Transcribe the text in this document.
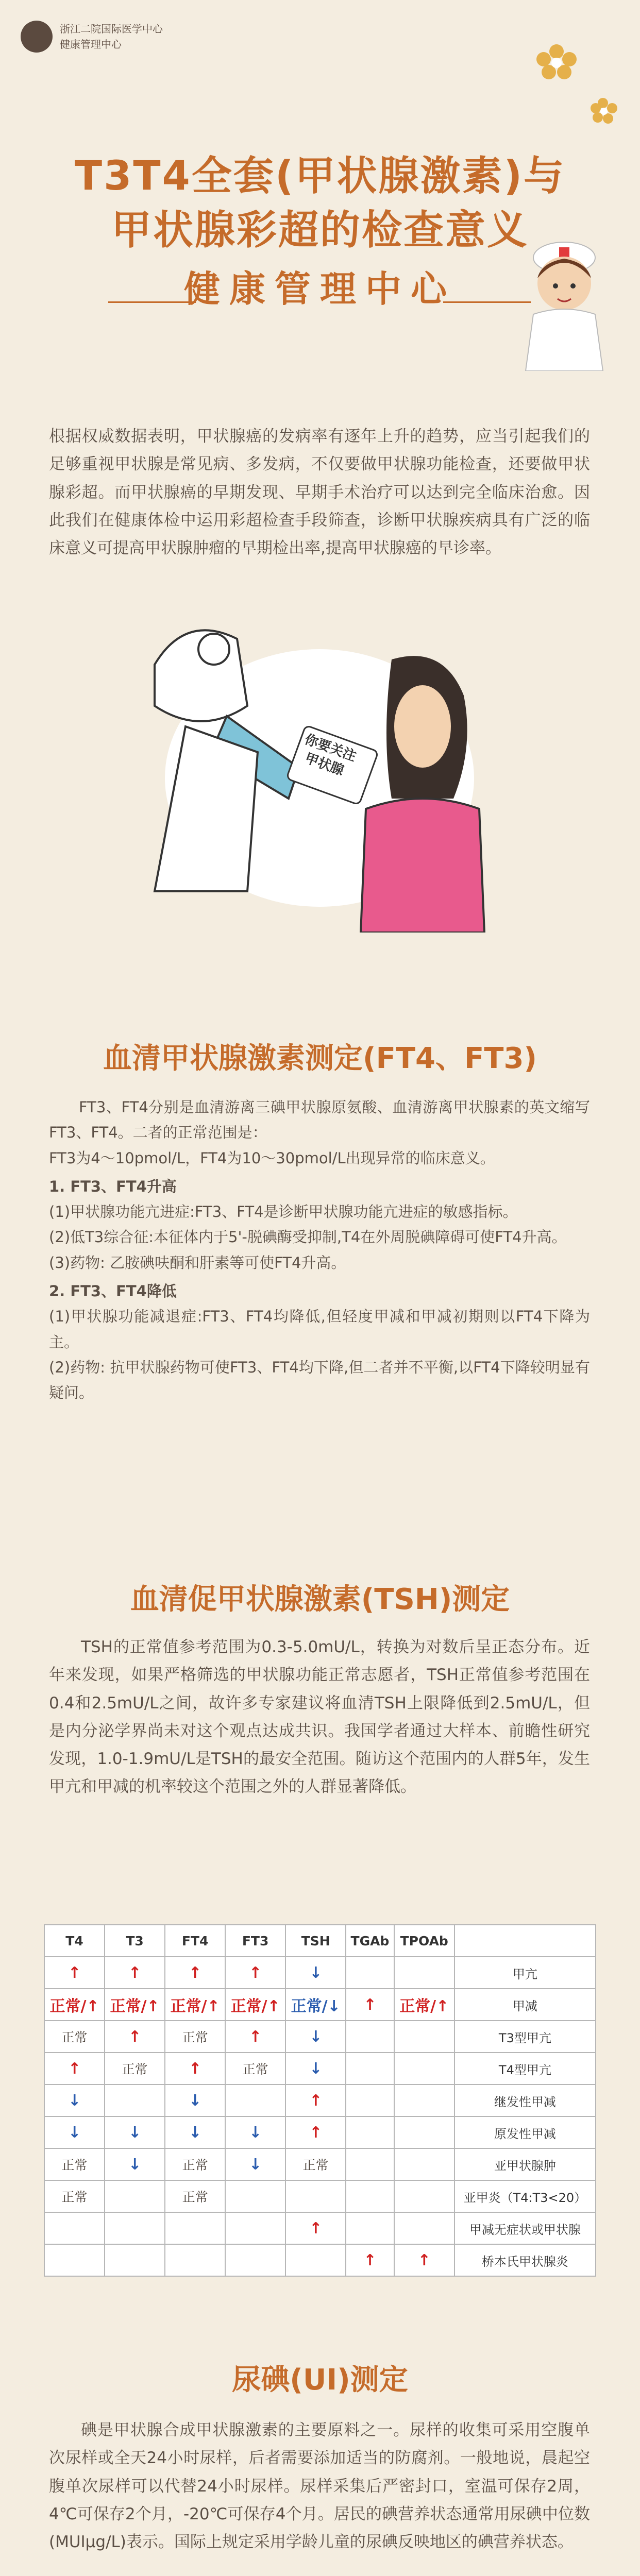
浙江二院国际医学中心
健康管理中心
T3T4全套(甲状腺激素)与
甲状腺彩超的检查意义
健康管理中心
根据权威数据表明，甲状腺癌的发病率有逐年上升的趋势，应当引起我们的足够重视甲状腺是常见病、多发病，不仅要做甲状腺功能检查，还要做甲状腺彩超。而甲状腺癌的早期发现、早期手术治疗可以达到完全临床治愈。因此我们在健康体检中运用彩超检查手段筛查，诊断甲状腺疾病具有广泛的临床意义可提高甲状腺肿瘤的早期检出率,提高甲状腺癌的早诊率。
你要关注甲状腺
血清甲状腺激素测定(FT4、FT3)
FT3、FT4分别是血清游离三碘甲状腺原氨酸、血清游离甲状腺素的英文缩写FT3、FT4。二者的正常范围是：
FT3为4～10pmol/L，FT4为10～30pmol/L出现异常的临床意义。
1. FT3、FT4升高
(1)甲状腺功能亢进症:FT3、FT4是诊断甲状腺功能亢进症的敏感指标。
(2)低T3综合征:本征体内于5'-脱碘酶受抑制,T4在外周脱碘障碍可使FT4升高。
(3)药物: 乙胺碘呋酮和肝素等可使FT4升高。
2. FT3、FT4降低
(1)甲状腺功能减退症:FT3、FT4均降低,但轻度甲减和甲减初期则以FT4下降为主。
(2)药物: 抗甲状腺药物可使FT3、FT4均下降,但二者并不平衡,以FT4下降较明显有疑问。
血清促甲状腺激素(TSH)测定
TSH的正常值参考范围为0.3-5.0mU/L，转换为对数后呈正态分布。近年来发现，如果严格筛选的甲状腺功能正常志愿者，TSH正常值参考范围在0.4和2.5mU/L之间，故许多专家建议将血清TSH上限降低到2.5mU/L，但是内分泌学界尚未对这个观点达成共识。我国学者通过大样本、前瞻性研究发现，1.0-1.9mU/L是TSH的最安全范围。随访这个范围内的人群5年，发生甲亢和甲减的机率较这个范围之外的人群显著降低。
T4	T3	FT4	FT3	TSH	TGAb	TPOAb	
↑	↑	↑	↑	↓			甲亢
正常/↑	正常/↑	正常/↑	正常/↑	正常/↓	↑	正常/↑	甲减
正常	↑	正常	↑	↓			T3型甲亢
↑	正常	↑	正常	↓			T4型甲亢
↓		↓		↑			继发性甲减
↓	↓	↓	↓	↑			原发性甲减
正常	↓	正常	↓	正常			亚甲状腺肿
正常		正常					亚甲炎（T4:T3<20）
				↑			甲减无症状或甲状腺
					↑	↑	桥本氏甲状腺炎
尿碘(UI)测定
碘是甲状腺合成甲状腺激素的主要原料之一。尿样的收集可采用空腹单次尿样或全天24小时尿样，后者需要添加适当的防腐剂。一般地说，晨起空腹单次尿样可以代替24小时尿样。尿样采集后严密封口，室温可保存2周，4℃可保存2个月，-20℃可保存4个月。居民的碘营养状态通常用尿碘中位数(MUIμg/L)表示。国际上规定采用学龄儿童的尿碘反映地区的碘营养状态。
